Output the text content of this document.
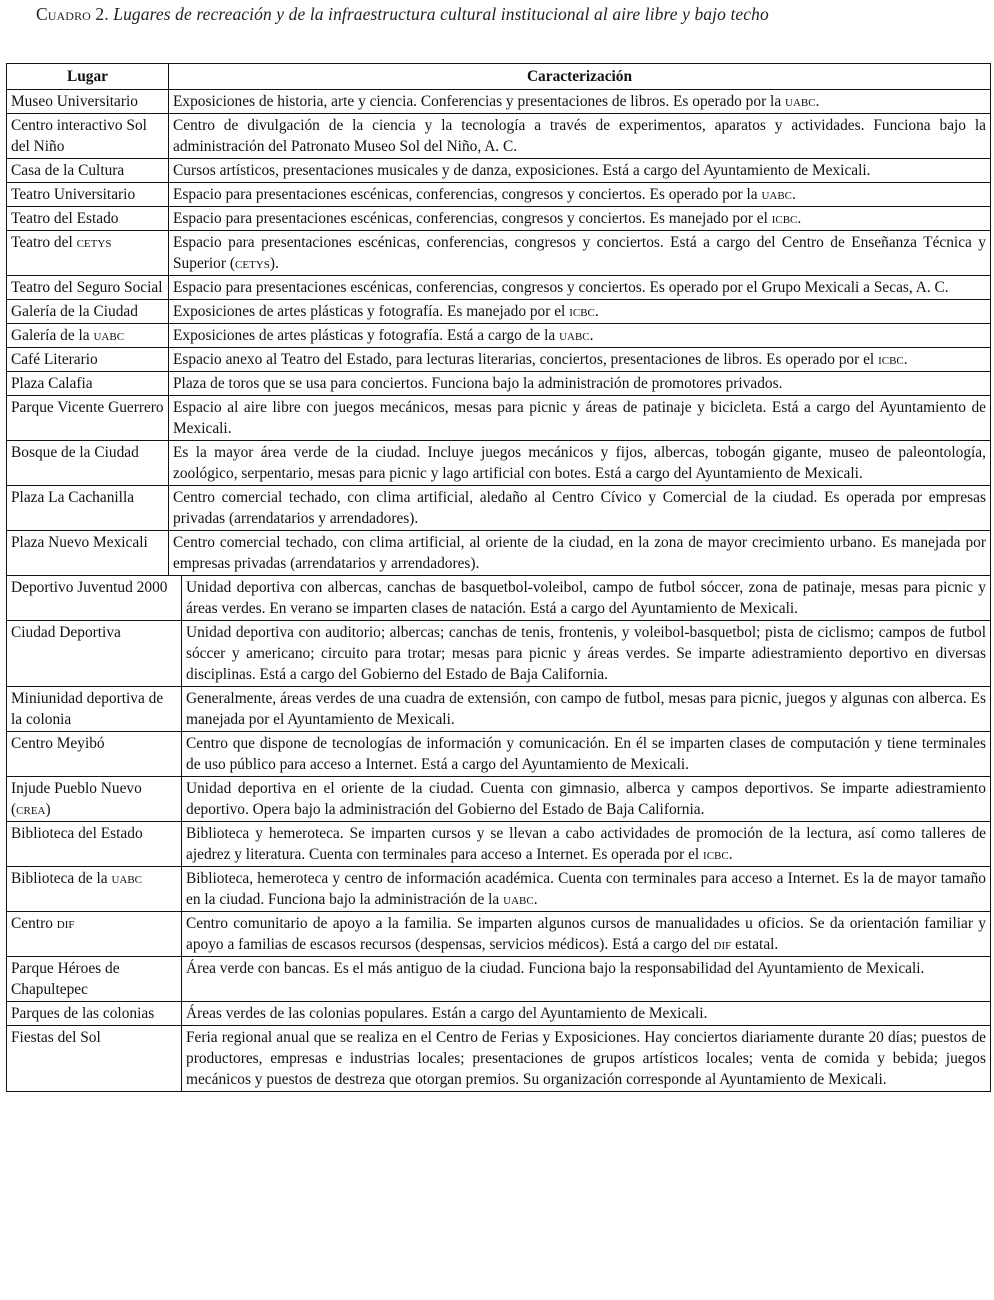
Cuadro 2. Lugares de recreación y de la infraestructura cultural institucional al aire libre y bajo techo
Lugar	Caracterización
Museo Universitario	Exposiciones de historia, arte y ciencia. Conferencias y presentaciones de libros. Es operado por la uabc.
Centro interactivo Sol del Niño	Centro de divulgación de la ciencia y la tecnología a través de experimentos, aparatos y actividades. Funciona bajo la administración del Patronato Museo Sol del Niño, A. C.
Casa de la Cultura	Cursos artísticos, presentaciones musicales y de danza, exposiciones. Está a cargo del Ayuntamiento de Mexicali.
Teatro Universitario	Espacio para presentaciones escénicas, conferencias, congresos y conciertos. Es operado por la uabc.
Teatro del Estado	Espacio para presentaciones escénicas, conferencias, congresos y conciertos. Es manejado por el icbc.
Teatro del cetys	Espacio para presentaciones escénicas, conferencias, congresos y conciertos. Está a cargo del Centro de Enseñanza Técnica y Superior (cetys).
Teatro del Seguro Social	Espacio para presentaciones escénicas, conferencias, congresos y conciertos. Es operado por el Grupo Mexicali a Secas, A. C.
Galería de la Ciudad	Exposiciones de artes plásticas y fotografía. Es manejado por el icbc.
Galería de la uabc	Exposiciones de artes plásticas y fotografía. Está a cargo de la uabc.
Café Literario	Espacio anexo al Teatro del Estado, para lecturas literarias, conciertos, presentaciones de libros. Es operado por el icbc.
Plaza Calafia	Plaza de toros que se usa para conciertos. Funciona bajo la administración de promotores privados.
Parque Vicente Guerrero	Espacio al aire libre con juegos mecánicos, mesas para picnic y áreas de patinaje y bicicleta. Está a cargo del Ayuntamiento de Mexicali.
Bosque de la Ciudad	Es la mayor área verde de la ciudad. Incluye juegos mecánicos y fijos, albercas, tobogán gigante, museo de paleontología, zoológico, serpentario, mesas para picnic y lago artificial con botes. Está a cargo del Ayuntamiento de Mexicali.
Plaza La Cachanilla	Centro comercial techado, con clima artificial, aledaño al Centro Cívico y Comercial de la ciudad. Es operada por empresas privadas (arrendatarios y arrendadores).
Plaza Nuevo Mexicali	Centro comercial techado, con clima artificial, al oriente de la ciudad, en la zona de mayor crecimiento urbano. Es manejada por empresas privadas (arrendatarios y arrendadores).
Deportivo Juventud 2000	Unidad deportiva con albercas, canchas de basquetbol-voleibol, campo de futbol sóccer, zona de patinaje, mesas para picnic y áreas verdes. En verano se imparten clases de natación. Está a cargo del Ayuntamiento de Mexicali.
Ciudad Deportiva	Unidad deportiva con auditorio; albercas; canchas de tenis, frontenis, y voleibol-basquetbol; pista de ciclismo; campos de futbol sóccer y americano; circuito para trotar; mesas para picnic y áreas verdes. Se imparte adiestramiento deportivo en diversas disciplinas. Está a cargo del Gobierno del Estado de Baja California.
Miniunidad deportiva de la colonia	Generalmente, áreas verdes de una cuadra de extensión, con campo de futbol, mesas para picnic, juegos y algunas con alberca. Es manejada por el Ayuntamiento de Mexicali.
Centro Meyibó	Centro que dispone de tecnologías de información y comunicación. En él se imparten clases de computación y tiene terminales de uso público para acceso a Internet. Está a cargo del Ayuntamiento de Mexicali.
Injude Pueblo Nuevo (crea)	Unidad deportiva en el oriente de la ciudad. Cuenta con gimnasio, alberca y campos deportivos. Se imparte adiestramiento deportivo. Opera bajo la administración del Gobierno del Estado de Baja California.
Biblioteca del Estado	Biblioteca y hemeroteca. Se imparten cursos y se llevan a cabo actividades de promoción de la lectura, así como talleres de ajedrez y literatura. Cuenta con terminales para acceso a Internet. Es operada por el icbc.
Biblioteca de la uabc	Biblioteca, hemeroteca y centro de información académica. Cuenta con terminales para acceso a Internet. Es la de mayor tamaño en la ciudad. Funciona bajo la administración de la uabc.
Centro dif	Centro comunitario de apoyo a la familia. Se imparten algunos cursos de manualidades u oficios. Se da orientación familiar y apoyo a familias de escasos recursos (despensas, servicios médicos). Está a cargo del dif estatal.
Parque Héroes de Chapultepec	Área verde con bancas. Es el más antiguo de la ciudad. Funciona bajo la responsabilidad del Ayuntamiento de Mexicali.
Parques de las colonias	Áreas verdes de las colonias populares. Están a cargo del Ayuntamiento de Mexicali.
Fiestas del Sol	Feria regional anual que se realiza en el Centro de Ferias y Exposiciones. Hay conciertos diariamente durante 20 días; puestos de productores, empresas e industrias locales; presentaciones de grupos artísticos locales; venta de comida y bebida; juegos mecánicos y puestos de destreza que otorgan premios. Su organización corresponde al Ayuntamiento de Mexicali.
